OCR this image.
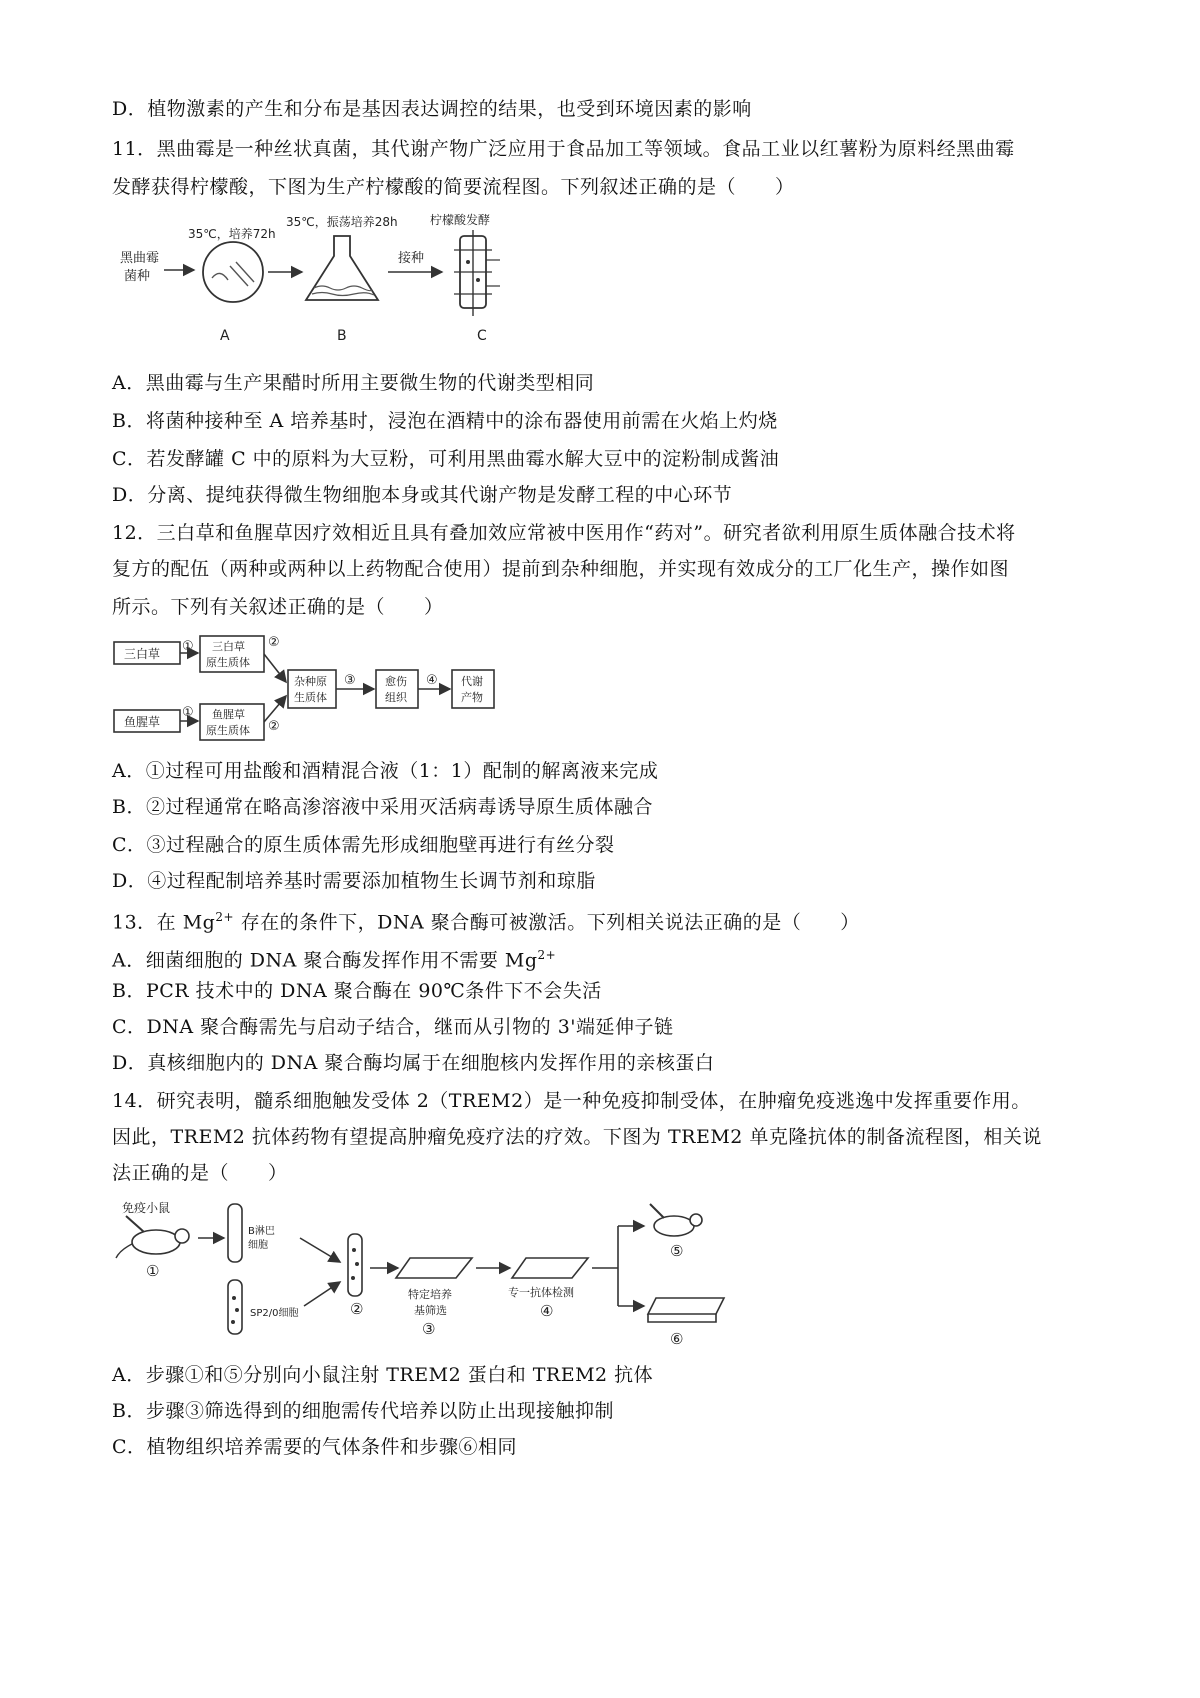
D．植物激素的产生和分布是基因表达调控的结果，也受到环境因素的影响
11．黑曲霉是一种丝状真菌，其代谢产物广泛应用于食品加工等领域。食品工业以红薯粉为原料经黑曲霉
发酵获得柠檬酸，下图为生产柠檬酸的简要流程图。下列叙述正确的是（　　）
黑曲霉
菌种
35℃，培养72h
35℃，振荡培养28h
接种
柠檬酸发酵
A	B	C
A．黑曲霉与生产果醋时所用主要微生物的代谢类型相同
B．将菌种接种至 A 培养基时，浸泡在酒精中的涂布器使用前需在火焰上灼烧
C．若发酵罐 C 中的原料为大豆粉，可利用黑曲霉水解大豆中的淀粉制成酱油
D．分离、提纯获得微生物细胞本身或其代谢产物是发酵工程的中心环节
12．三白草和鱼腥草因疗效相近且具有叠加效应常被中医用作“药对”。研究者欲利用原生质体融合技术将
复方的配伍（两种或两种以上药物配合使用）提前到杂种细胞，并实现有效成分的工厂化生产，操作如图
所示。下列有关叙述正确的是（　　）
三白草 ① 三白草
原生质体
②
鱼腥草
① 鱼腥草
原生质体 ②
杂种原
生质体
③	愈伤
组织
④ 代谢
产物
A．①过程可用盐酸和酒精混合液（1：1）配制的解离液来完成
B．②过程通常在略高渗溶液中采用灭活病毒诱导原生质体融合
C．③过程融合的原生质体需先形成细胞壁再进行有丝分裂
D．④过程配制培养基时需要添加植物生长调节剂和琼脂
13．在 $Mg^{2+}$ 存在的条件下，DNA 聚合酶可被激活。下列相关说法正确的是（　　）
A．细菌细胞的 DNA 聚合酶发挥作用不需要 $Mg^{2+}$
B．PCR 技术中的 DNA 聚合酶在 90℃条件下不会失活
C．DNA 聚合酶需先与启动子结合，继而从引物的 3'端延伸子链
D．真核细胞内的 DNA 聚合酶均属于在细胞核内发挥作用的亲核蛋白
14．研究表明，髓系细胞触发受体 2（TREM2）是一种免疫抑制受体，在肿瘤免疫逃逸中发挥重要作用。
因此，TREM2 抗体药物有望提高肿瘤免疫疗法的疗效。下图为 TREM2 单克隆抗体的制备流程图，相关说
法正确的是（　　）
免疫小鼠
①
B淋巴
细胞
SP2/0细胞	②
特定培养
基筛选
③
专一抗体检测
④
⑤
⑥
A．步骤①和⑤分别向小鼠注射 TREM2 蛋白和 TREM2 抗体
B．步骤③筛选得到的细胞需传代培养以防止出现接触抑制
C．植物组织培养需要的气体条件和步骤⑥相同
